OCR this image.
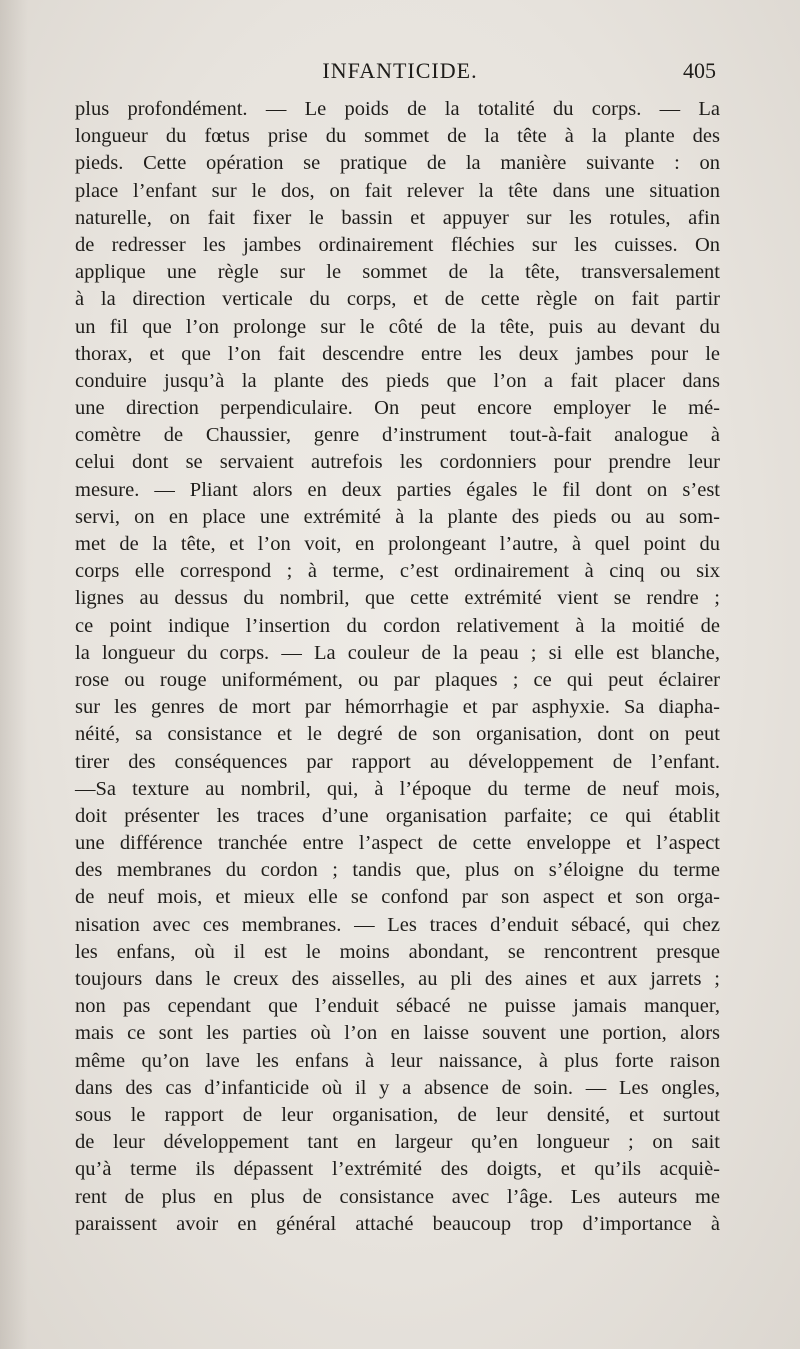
INFANTICIDE.	405
plus profondément. — Le poids de la totalité du corps. — La
longueur du fœtus prise du sommet de la tête à la plante des
pieds. Cette opération se pratique de la manière suivante : on
place l’enfant sur le dos, on fait relever la tête dans une situation
naturelle, on fait fixer le bassin et appuyer sur les rotules, afin
de redresser les jambes ordinairement fléchies sur les cuisses. On
applique une règle sur le sommet de la tête, transversalement
à la direction verticale du corps, et de cette règle on fait partir
un fil que l’on prolonge sur le côté de la tête, puis au devant du
thorax, et que l’on fait descendre entre les deux jambes pour le
conduire jusqu’à la plante des pieds que l’on a fait placer dans
une direction perpendiculaire. On peut encore employer le mé-
comètre de Chaussier, genre d’instrument tout-à-fait analogue à
celui dont se servaient autrefois les cordonniers pour prendre leur
mesure. — Pliant alors en deux parties égales le fil dont on s’est
servi, on en place une extrémité à la plante des pieds ou au som-
met de la tête, et l’on voit, en prolongeant l’autre, à quel point du
corps elle correspond ; à terme, c’est ordinairement à cinq ou six
lignes au dessus du nombril, que cette extrémité vient se rendre ;
ce point indique l’insertion du cordon relativement à la moitié de
la longueur du corps. — La couleur de la peau ; si elle est blanche,
rose ou rouge uniformément, ou par plaques ; ce qui peut éclairer
sur les genres de mort par hémorrhagie et par asphyxie. Sa diapha-
néité, sa consistance et le degré de son organisation, dont on peut
tirer des conséquences par rapport au développement de l’enfant.
—Sa texture au nombril, qui, à l’époque du terme de neuf mois,
doit présenter les traces d’une organisation parfaite; ce qui établit
une différence tranchée entre l’aspect de cette enveloppe et l’aspect
des membranes du cordon ; tandis que, plus on s’éloigne du terme
de neuf mois, et mieux elle se confond par son aspect et son orga-
nisation avec ces membranes. — Les traces d’enduit sébacé, qui chez
les enfans, où il est le moins abondant, se rencontrent presque
toujours dans le creux des aisselles, au pli des aines et aux jarrets ;
non pas cependant que l’enduit sébacé ne puisse jamais manquer,
mais ce sont les parties où l’on en laisse souvent une portion, alors
même qu’on lave les enfans à leur naissance, à plus forte raison
dans des cas d’infanticide où il y a absence de soin. — Les ongles,
sous le rapport de leur organisation, de leur densité, et surtout
de leur développement tant en largeur qu’en longueur ; on sait
qu’à terme ils dépassent l’extrémité des doigts, et qu’ils acquiè-
rent de plus en plus de consistance avec l’âge. Les auteurs me
paraissent avoir en général attaché beaucoup trop d’importance à
